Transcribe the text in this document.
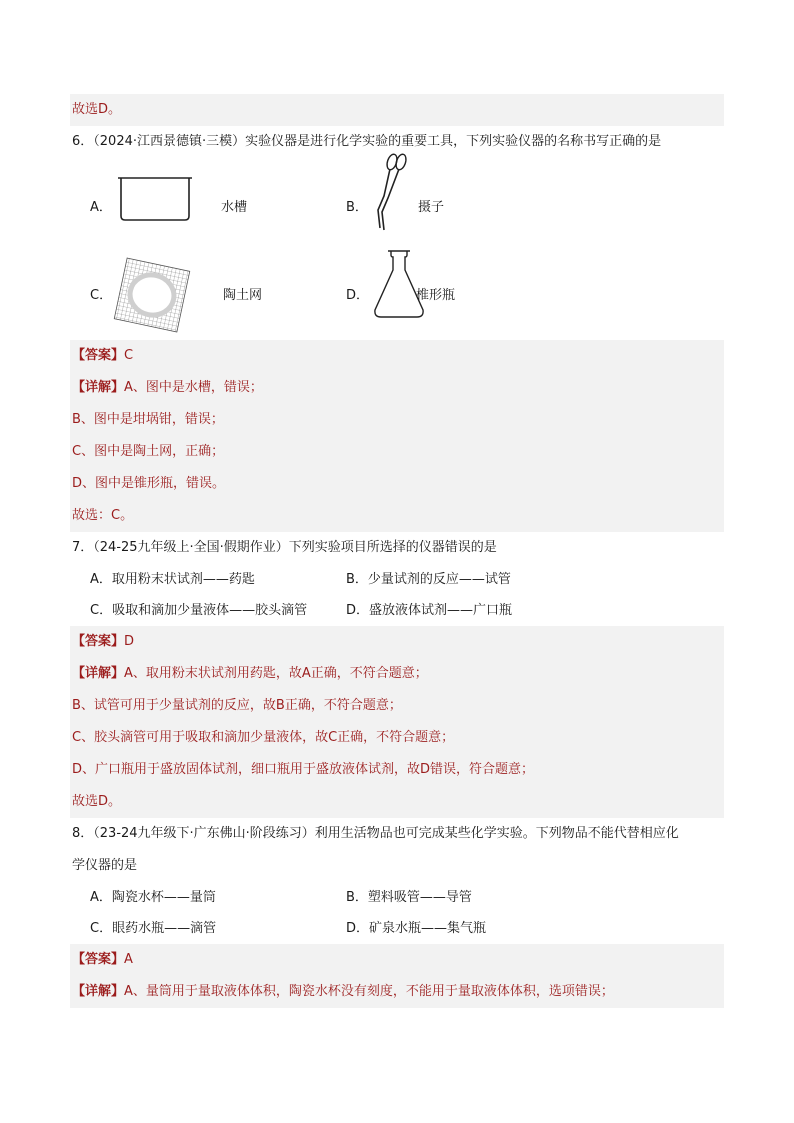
故选D。
6．（2024·江西景德镇·三模）实验仪器是进行化学实验的重要工具，下列实验仪器的名称书写正确的是
A．	水槽	B．	摄子
C．	陶土网	D．	椎形瓶
【答案】C
【详解】A、图中是水槽，错误；
B、图中是坩埚钳，错误；
C、图中是陶土网，正确；
D、图中是锥形瓶，错误。
故选：C。
7．（24-25九年级上·全国·假期作业）下列实验项目所选择的仪器错误的是
A．取用粉末状试剂——药匙	B．少量试剂的反应——试管
C．吸取和滴加少量液体——胶头滴管	D．盛放液体试剂——广口瓶
【答案】D
【详解】A、取用粉末状试剂用药匙，故A正确，不符合题意；
B、试管可用于少量试剂的反应，故B正确，不符合题意；
C、胶头滴管可用于吸取和滴加少量液体，故C正确，不符合题意；
D、广口瓶用于盛放固体试剂，细口瓶用于盛放液体试剂，故D错误，符合题意；
故选D。
8．（23-24九年级下·广东佛山·阶段练习）利用生活物品也可完成某些化学实验。下列物品不能代替相应化
学仪器的是
A．陶瓷水杯——量筒	B．塑料吸管——导管
C．眼药水瓶——滴管	D．矿泉水瓶——集气瓶
【答案】A
【详解】A、量筒用于量取液体体积，陶瓷水杯没有刻度，不能用于量取液体体积，选项错误；
